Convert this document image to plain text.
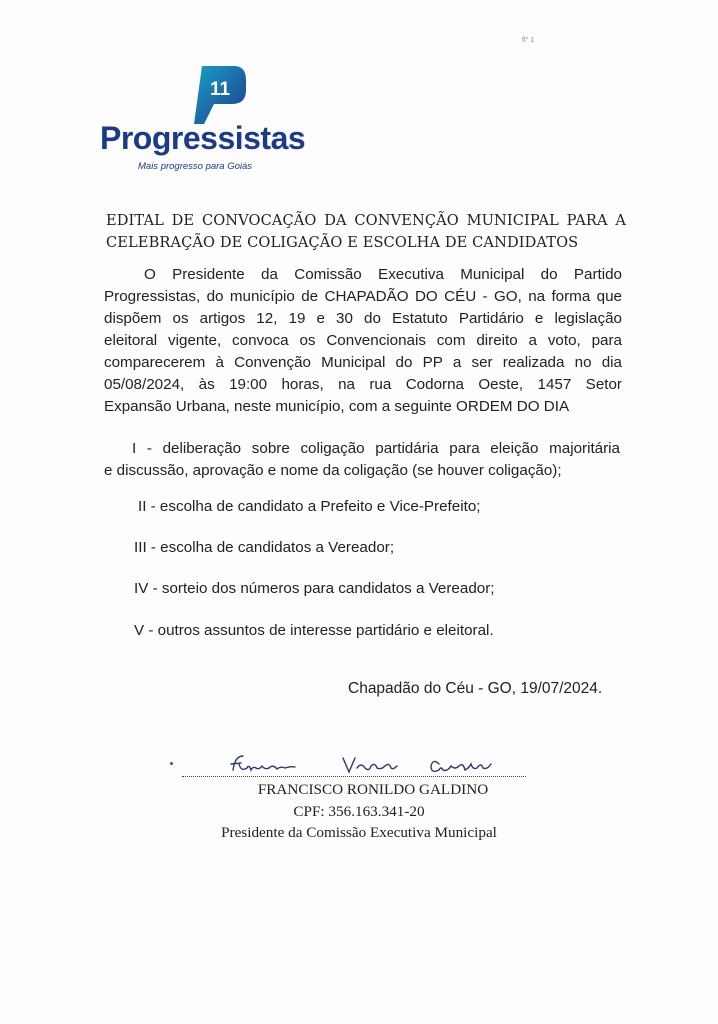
fl° 1
11
Progressistas
Mais progresso para Goiás
EDITAL DE CONVOCAÇÃO DA CONVENÇÃO MUNICIPAL PARA A
CELEBRAÇÃO DE COLIGAÇÃO E ESCOLHA DE CANDIDATOS
O Presidente da Comissão Executiva Municipal do Partido
Progressistas, do município de CHAPADÃO DO CÉU - GO, na forma que
dispõem os artigos 12, 19 e 30 do Estatuto Partidário e legislação
eleitoral vigente, convoca os Convencionais com direito a voto, para
comparecerem à Convenção Municipal do PP a ser realizada no dia
05/08/2024, às 19:00 horas, na rua Codorna Oeste, 1457 Setor
Expansão Urbana, neste município, com a seguinte ORDEM DO DIA
I - deliberação sobre coligação partidária para eleição majoritária
e discussão, aprovação e nome da coligação (se houver coligação);
II - escolha de candidato a Prefeito e Vice-Prefeito;
III - escolha de candidatos a Vereador;
IV - sorteio dos números para candidatos a Vereador;
V - outros assuntos de interesse partidário e eleitoral.
Chapadão do Céu - GO, 19/07/2024.
FRANCISCO RONILDO GALDINO
CPF: 356.163.341-20
Presidente da Comissão Executiva Municipal
